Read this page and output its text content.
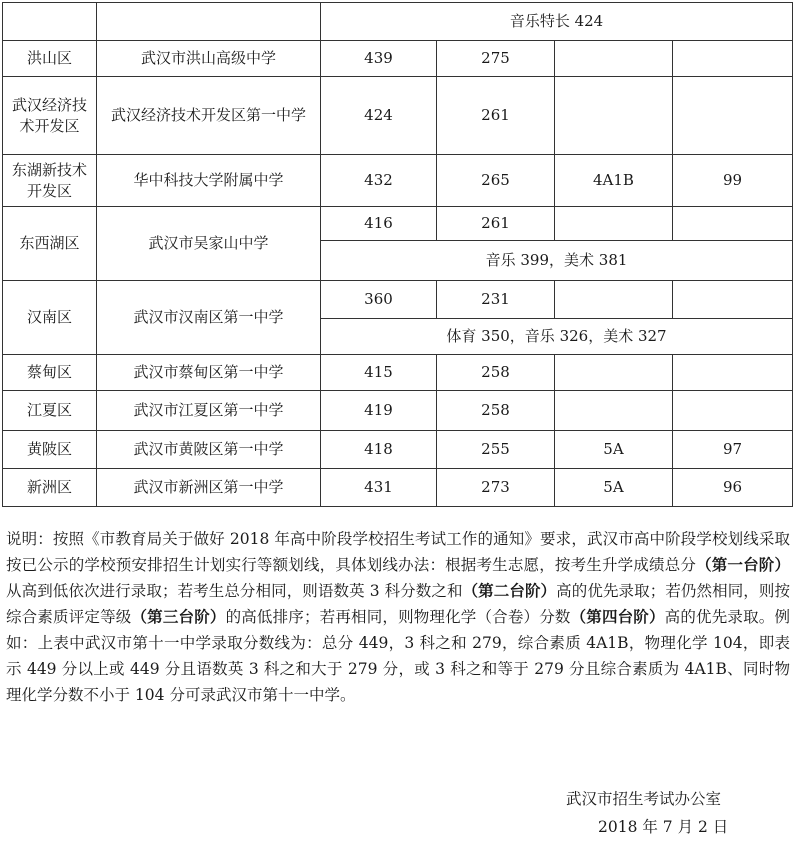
		音乐特长 424			
洪山区	武汉市洪山高级中学	439	275		
武汉经济技术开发区	武汉经济技术开发区第一中学	424	261		
东湖新技术开发区	华中科技大学附属中学	432	265	4A1B	99
东西湖区	武汉市吴家山中学	416	261		
		音乐 399，美术 381			
汉南区	武汉市汉南区第一中学	360	231		
		体育 350，音乐 326，美术 327			
蔡甸区	武汉市蔡甸区第一中学	415	258		
江夏区	武汉市江夏区第一中学	419	258		
黄陂区	武汉市黄陂区第一中学	418	255	5A	97
新洲区	武汉市新洲区第一中学	431	273	5A	96

说明：按照《市教育局关于做好 2018 年高中阶段学校招生考试工作的通知》要求，武汉市高中阶段学校划线采取按已公示的学校预安排招生计划实行等额划线，具体划线办法：根据考生志愿，按考生升学成绩总分（第一台阶）从高到低依次进行录取；若考生总分相同，则语数英 3 科分数之和（第二台阶）高的优先录取；若仍然相同，则按综合素质评定等级（第三台阶）的高低排序；若再相同，则物理化学（合卷）分数（第四台阶）高的优先录取。例如：上表中武汉市第十一中学录取分数线为：总分 449，3 科之和 279，综合素质 4A1B，物理化学 104，即表示 449 分以上或 449 分且语数英 3 科之和大于 279 分，或 3 科之和等于 279 分且综合素质为 4A1B、同时物理化学分数不小于 104 分可录武汉市第十一中学。

武汉市招生考试办公室
2018 年 7 月 2 日
